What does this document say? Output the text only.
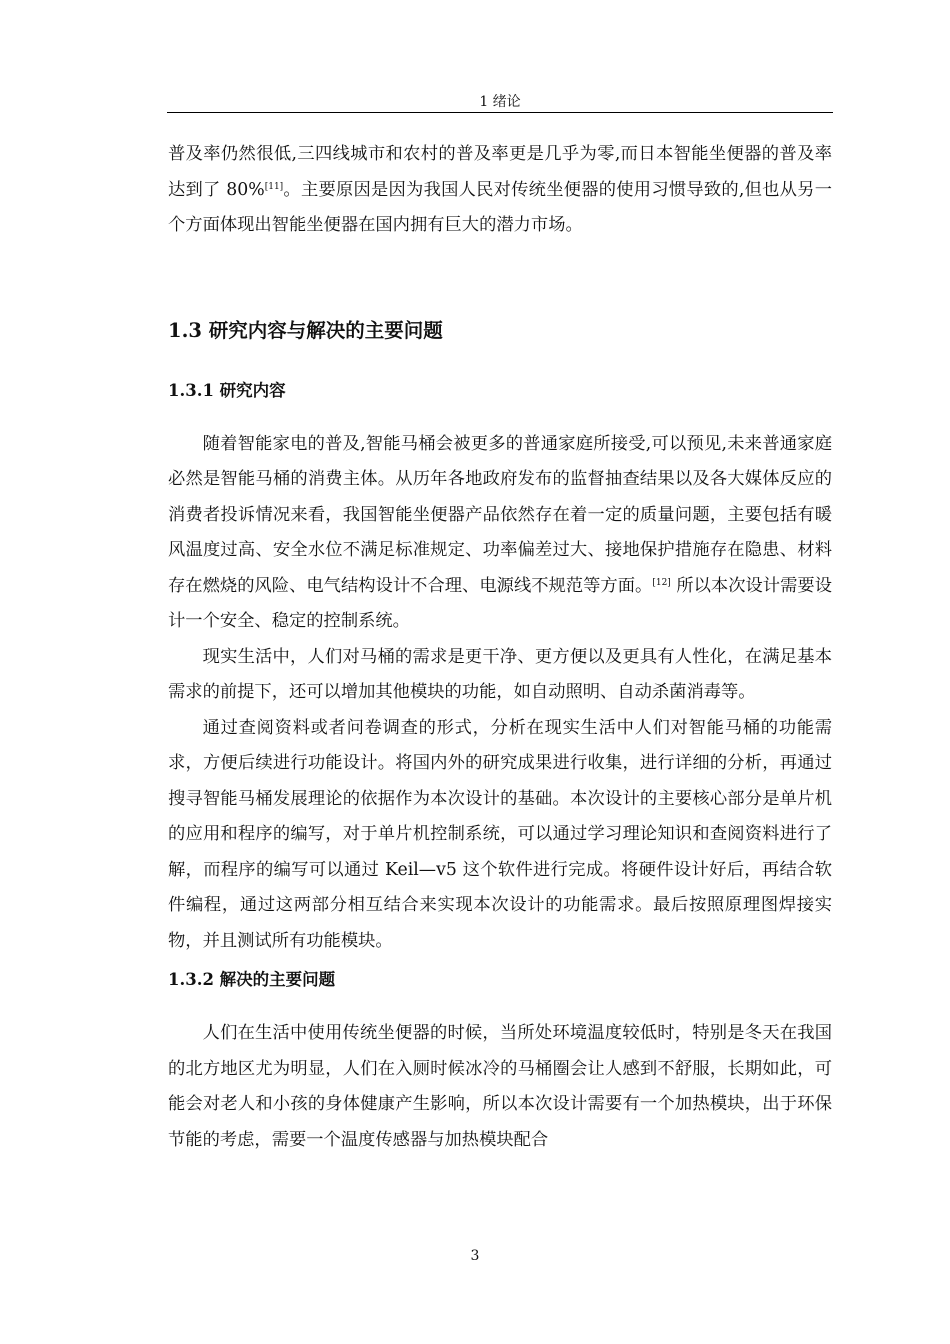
1 绪论

普及率仍然很低,三四线城市和农村的普及率更是几乎为零,而日本智能坐便器的普及率达到了 80%[11]。主要原因是因为我国人民对传统坐便器的使用习惯导致的,但也从另一个方面体现出智能坐便器在国内拥有巨大的潜力市场。

1.3 研究内容与解决的主要问题
1.3.1 研究内容

随着智能家电的普及,智能马桶会被更多的普通家庭所接受,可以预见,未来普通家庭必然是智能马桶的消费主体。从历年各地政府发布的监督抽查结果以及各大媒体反应的消费者投诉情况来看，我国智能坐便器产品依然存在着一定的质量问题，主要包括有暖风温度过高、安全水位不满足标准规定、功率偏差过大、接地保护措施存在隐患、材料存在燃烧的风险、电气结构设计不合理、电源线不规范等方面。[12] 所以本次设计需要设计一个安全、稳定的控制系统。

现实生活中，人们对马桶的需求是更干净、更方便以及更具有人性化，在满足基本需求的前提下，还可以增加其他模块的功能，如自动照明、自动杀菌消毒等。

通过查阅资料或者问卷调查的形式，分析在现实生活中人们对智能马桶的功能需求，方便后续进行功能设计。将国内外的研究成果进行收集，进行详细的分析，再通过搜寻智能马桶发展理论的依据作为本次设计的基础。本次设计的主要核心部分是单片机的应用和程序的编写，对于单片机控制系统，可以通过学习理论知识和查阅资料进行了解，而程序的编写可以通过 Keil—v5 这个软件进行完成。将硬件设计好后，再结合软件编程，通过这两部分相互结合来实现本次设计的功能需求。最后按照原理图焊接实物，并且测试所有功能模块。

1.3.2 解决的主要问题

人们在生活中使用传统坐便器的时候，当所处环境温度较低时，特别是冬天在我国的北方地区尤为明显，人们在入厕时候冰冷的马桶圈会让人感到不舒服，长期如此，可能会对老人和小孩的身体健康产生影响，所以本次设计需要有一个加热模块，出于环保节能的考虑，需要一个温度传感器与加热模块配合

3
